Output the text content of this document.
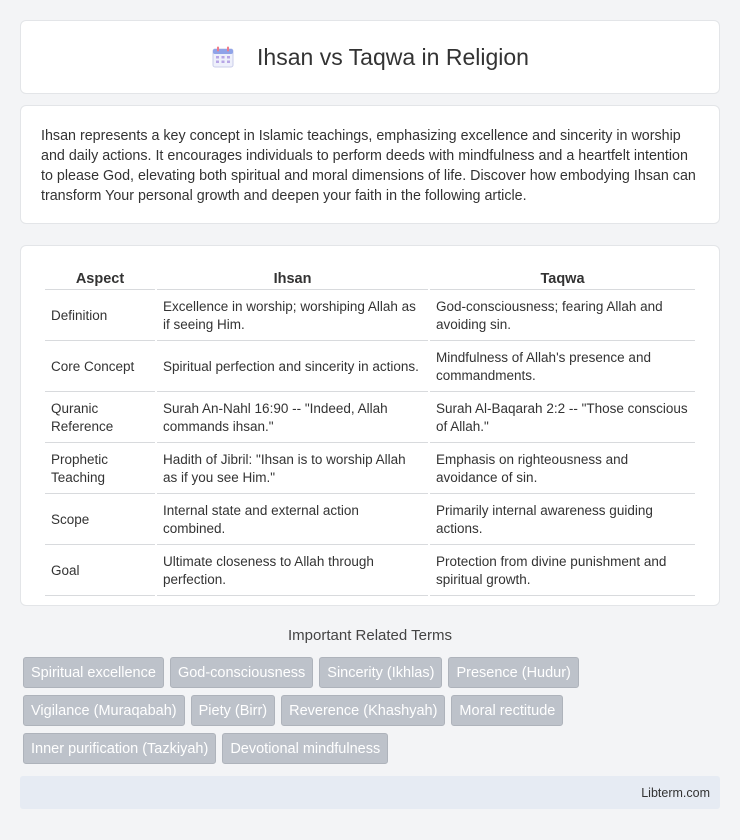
Ihsan vs Taqwa in Religion

Ihsan represents a key concept in Islamic teachings, emphasizing excellence and sincerity in worship and daily actions. It encourages individuals to perform deeds with mindfulness and a heartfelt intention to please God, elevating both spiritual and moral dimensions of life. Discover how embodying Ihsan can transform Your personal growth and deepen your faith in the following article.

Aspect	Ihsan	Taqwa
Definition	Excellence in worship; worshiping Allah as if seeing Him.	God-consciousness; fearing Allah and avoiding sin.
Core Concept	Spiritual perfection and sincerity in actions.	Mindfulness of Allah's presence and commandments.
Quranic Reference	Surah An-Nahl 16:90 -- "Indeed, Allah commands ihsan."	Surah Al-Baqarah 2:2 -- "Those conscious of Allah."
Prophetic Teaching	Hadith of Jibril: "Ihsan is to worship Allah as if you see Him."	Emphasis on righteousness and avoidance of sin.
Scope	Internal state and external action combined.	Primarily internal awareness guiding actions.
Goal	Ultimate closeness to Allah through perfection.	Protection from divine punishment and spiritual growth.
Important Related Terms
Spiritual excellence	God-consciousness	Sincerity (Ikhlas)	Presence (Hudur)
Vigilance (Muraqabah)	Piety (Birr)	Reverence (Khashyah)	Moral rectitude
Inner purification (Tazkiyah)	Devotional mindfulness
Libterm.com
